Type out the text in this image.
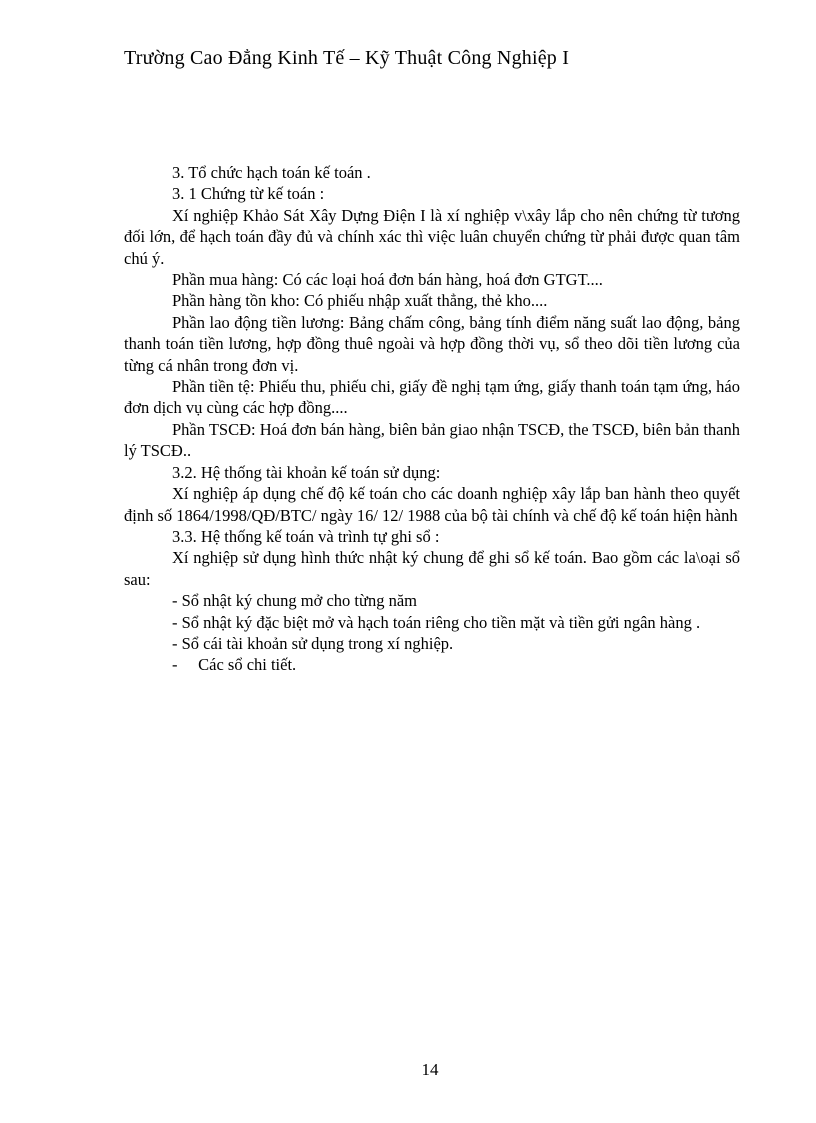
Trường Cao Đẳng Kinh Tế – Kỹ Thuật Công Nghiệp I

3. Tổ chức hạch toán kế toán .

3. 1 Chứng từ kế toán :

Xí nghiệp Khảo Sát Xây Dựng Điện I là xí nghiệp v\xây lắp cho nên chứng từ tương đối lớn, để hạch toán đầy đủ và chính xác thì việc luân chuyển chứng từ phải được quan tâm chú ý.

Phần mua hàng: Có các loại hoá đơn bán hàng, hoá đơn GTGT....

Phần hàng tồn kho: Có phiếu nhập xuất thẳng, thẻ kho....

Phần lao động tiền lương: Bảng chấm công, bảng tính điểm năng suất lao động, bảng thanh toán tiền lương, hợp đồng thuê ngoài và hợp đồng thời vụ, sổ theo dõi tiền lương của từng cá nhân trong đơn vị.

Phần tiền tệ: Phiếu thu, phiếu chi, giấy đề nghị tạm ứng, giấy thanh toán tạm ứng, háo đơn dịch vụ cùng các hợp đồng....

Phần TSCĐ: Hoá đơn bán hàng, biên bản giao nhận TSCĐ, the TSCĐ, biên bản thanh lý TSCĐ..

3.2. Hệ thống tài khoản kế toán sử dụng:

Xí nghiệp áp dụng chế độ kế toán cho các doanh nghiệp xây lắp ban hành theo quyết định số 1864/1998/QĐ/BTC/ ngày 16/ 12/ 1988 của bộ tài chính và chế độ kế toán hiện hành

3.3. Hệ thống kế toán và trình tự ghi sổ :

Xí nghiệp sử dụng hình thức nhật ký chung để ghi sổ kế toán. Bao gồm các la\oại sổ sau:

- Sổ nhật ký chung mở cho từng năm

- Sổ nhật ký đặc biệt mở và hạch toán riêng cho tiền mặt và tiền gửi ngân hàng .

- Sổ cái tài khoản sử dụng trong xí nghiệp.

-     Các sổ chi tiết.

14
